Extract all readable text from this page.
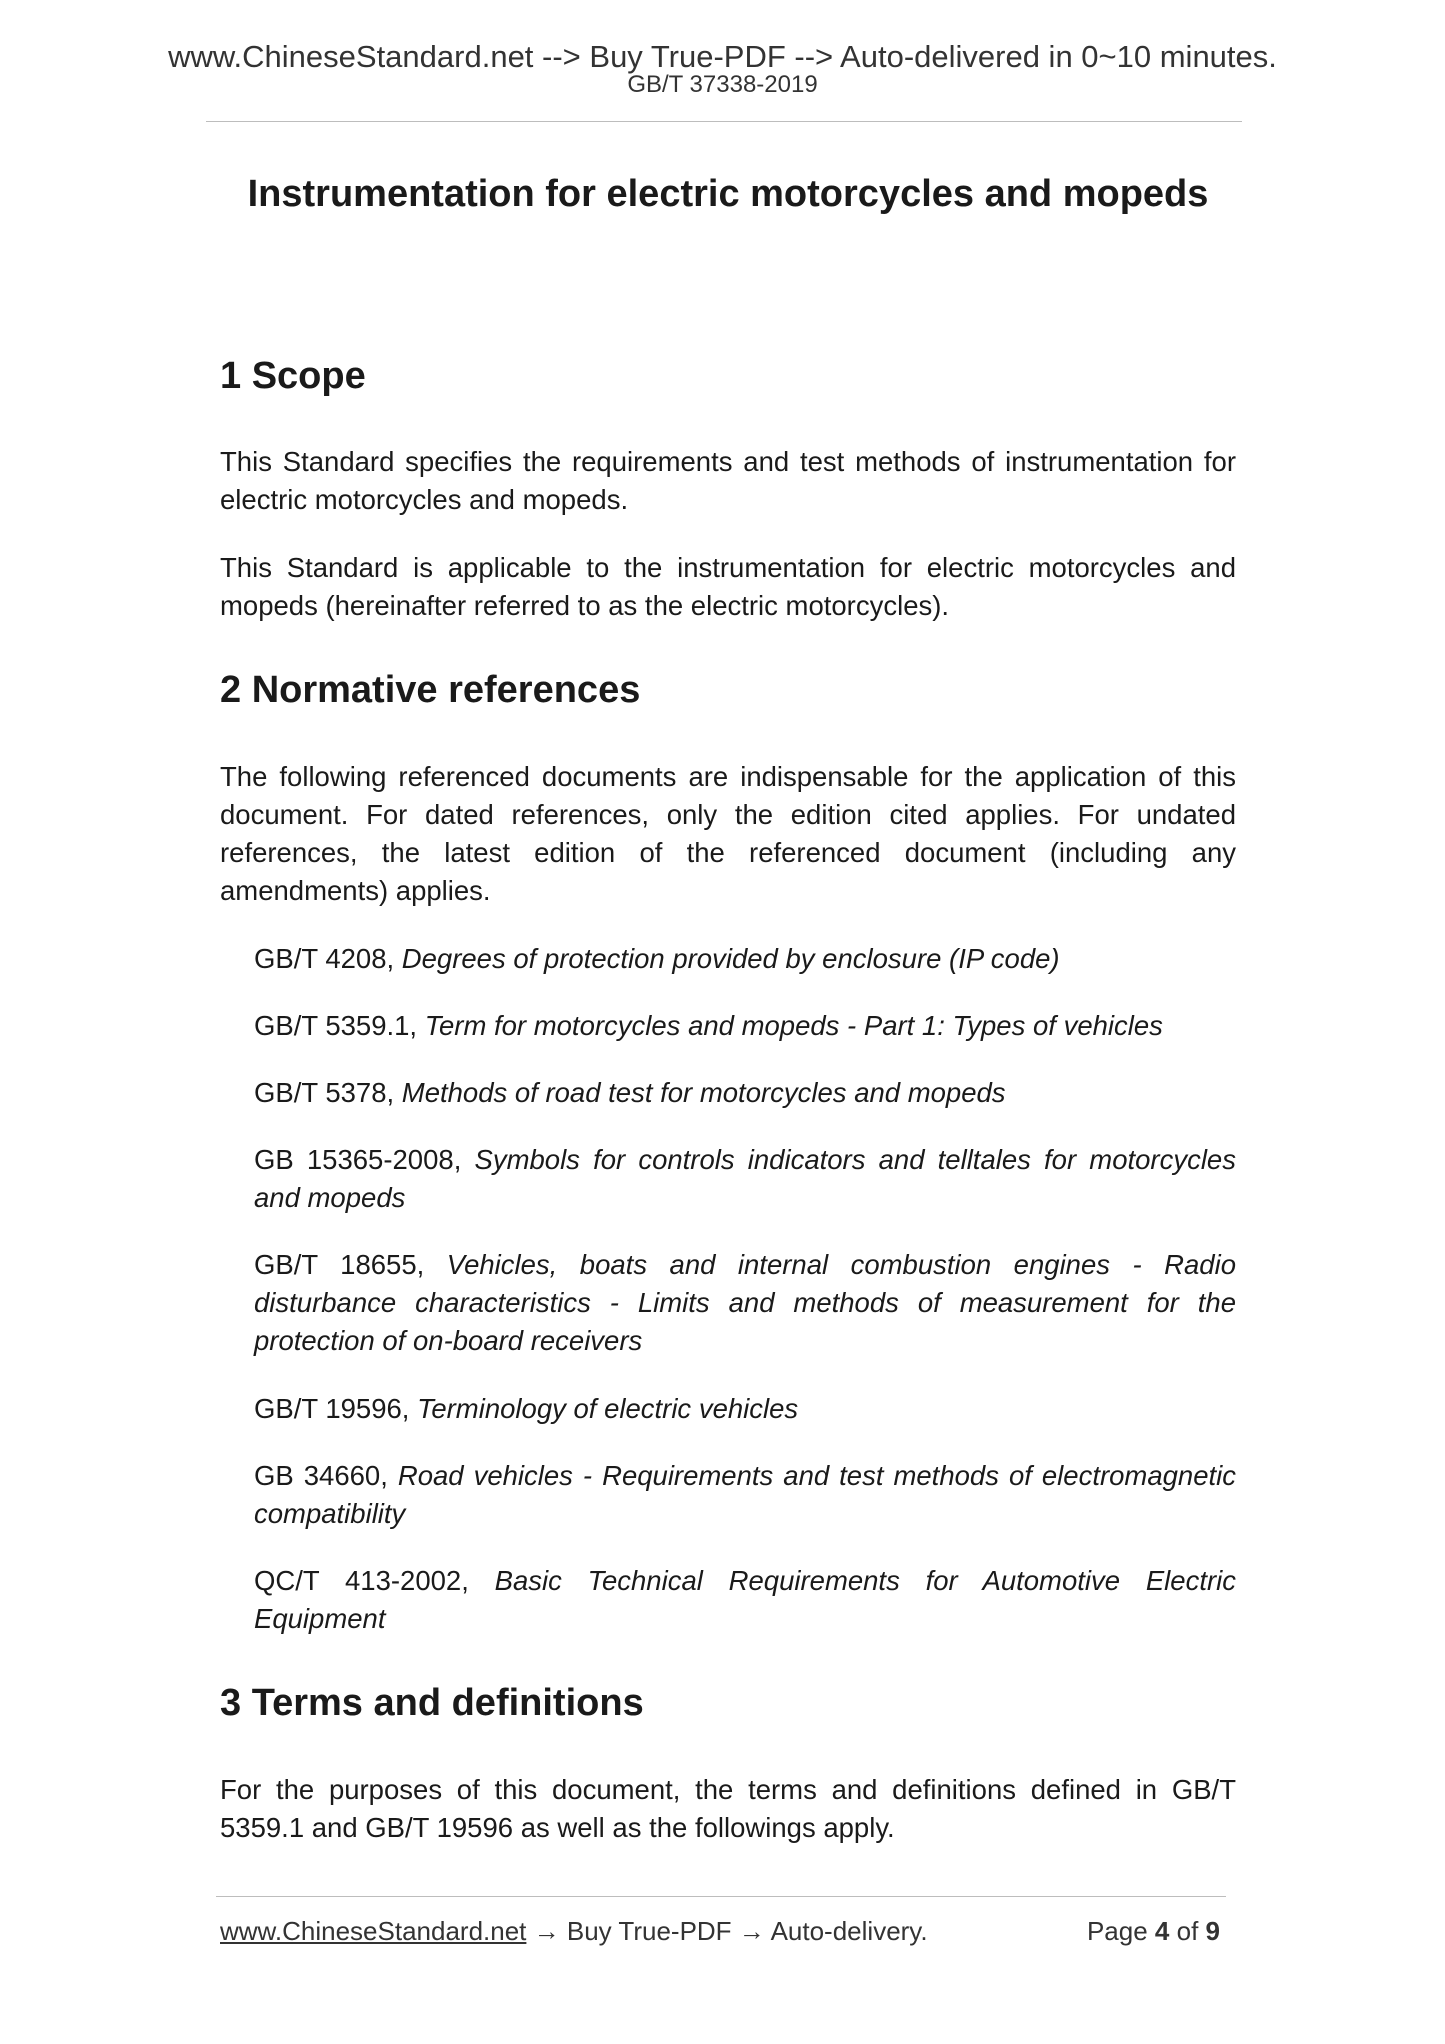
www.ChineseStandard.net --> Buy True-PDF --> Auto-delivered in 0~10 minutes.
GB/T 37338-2019
Instrumentation for electric motorcycles and mopeds
1 Scope

This Standard specifies the requirements and test methods of instrumentation for electric motorcycles and mopeds.

This Standard is applicable to the instrumentation for electric motorcycles and mopeds (hereinafter referred to as the electric motorcycles).

2 Normative references

The following referenced documents are indispensable for the application of this document. For dated references, only the edition cited applies. For undated references, the latest edition of the referenced document (including any amendments) applies.

GB/T 4208, Degrees of protection provided by enclosure (IP code)

GB/T 5359.1, Term for motorcycles and mopeds - Part 1: Types of vehicles

GB/T 5378, Methods of road test for motorcycles and mopeds

GB 15365-2008, Symbols for controls indicators and telltales for motorcycles and mopeds

GB/T 18655, Vehicles, boats and internal combustion engines - Radio disturbance characteristics - Limits and methods of measurement for the protection of on-board receivers

GB/T 19596, Terminology of electric vehicles

GB 34660, Road vehicles - Requirements and test methods of electromagnetic compatibility

QC/T 413-2002, Basic Technical Requirements for Automotive Electric Equipment

3 Terms and definitions

For the purposes of this document, the terms and definitions defined in GB/T 5359.1 and GB/T 19596 as well as the followings apply.

www.ChineseStandard.net → Buy True-PDF → Auto-delivery.	Page 4 of 9
